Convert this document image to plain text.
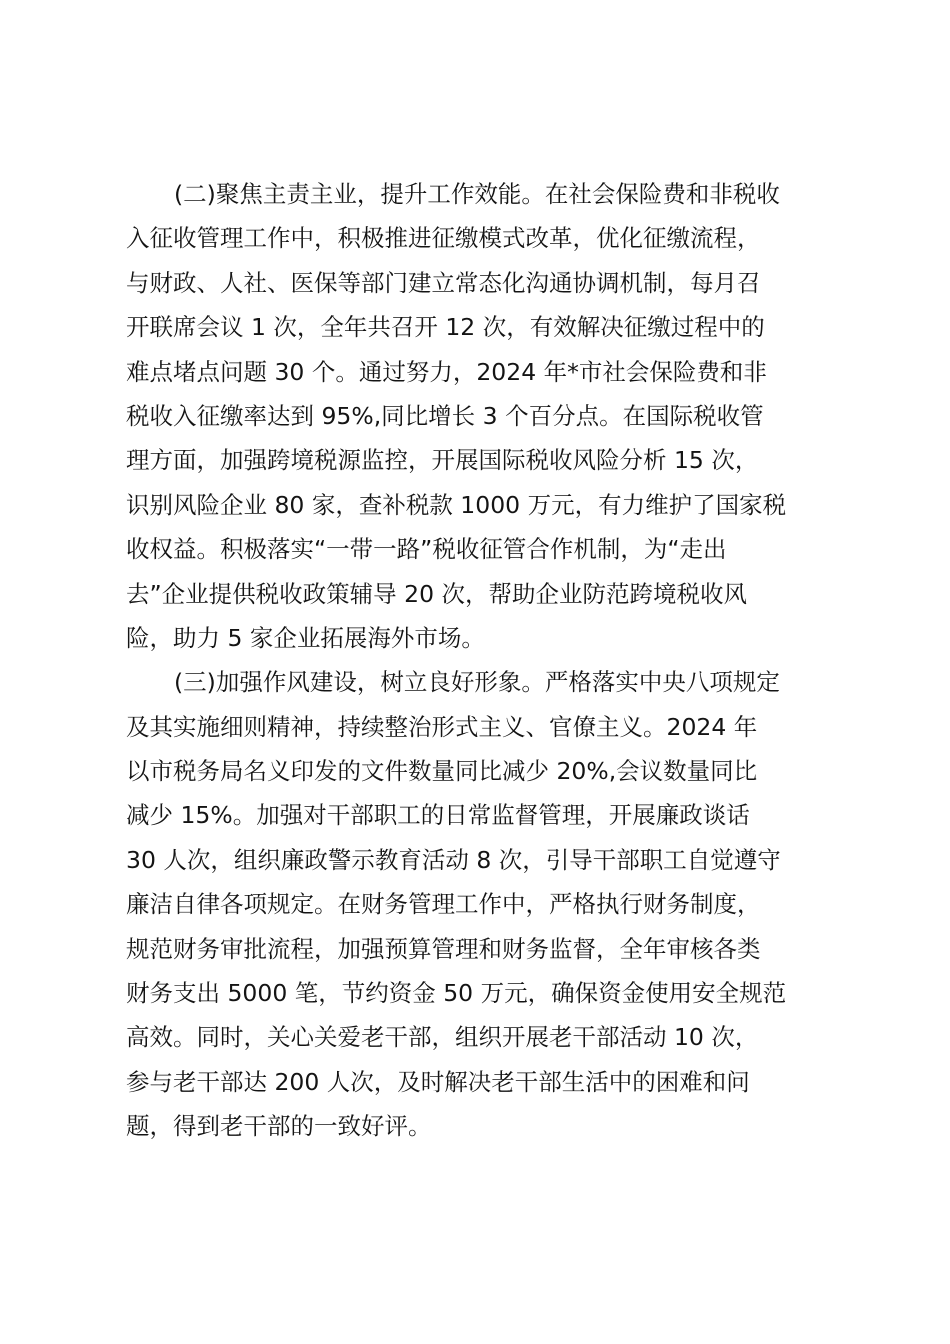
(二)聚焦主责主业，提升工作效能。在社会保险费和非税收
入征收管理工作中，积极推进征缴模式改革，优化征缴流程，
与财政、人社、医保等部门建立常态化沟通协调机制，每月召
开联席会议 1 次，全年共召开 12 次，有效解决征缴过程中的
难点堵点问题 30 个。通过努力，2024 年*市社会保险费和非
税收入征缴率达到 95%,同比增长 3 个百分点。在国际税收管
理方面，加强跨境税源监控，开展国际税收风险分析 15 次，
识别风险企业 80 家，查补税款 1000 万元，有力维护了国家税
收权益。积极落实“一带一路”税收征管合作机制，为“走出
去”企业提供税收政策辅导 20 次，帮助企业防范跨境税收风
险，助力 5 家企业拓展海外市场。
(三)加强作风建设，树立良好形象。严格落实中央八项规定
及其实施细则精神，持续整治形式主义、官僚主义。2024 年
以市税务局名义印发的文件数量同比减少 20%,会议数量同比
减少 15%。加强对干部职工的日常监督管理，开展廉政谈话
30 人次，组织廉政警示教育活动 8 次，引导干部职工自觉遵守
廉洁自律各项规定。在财务管理工作中，严格执行财务制度，
规范财务审批流程，加强预算管理和财务监督，全年审核各类
财务支出 5000 笔，节约资金 50 万元，确保资金使用安全规范
高效。同时，关心关爱老干部，组织开展老干部活动 10 次，
参与老干部达 200 人次，及时解决老干部生活中的困难和问
题，得到老干部的一致好评。
